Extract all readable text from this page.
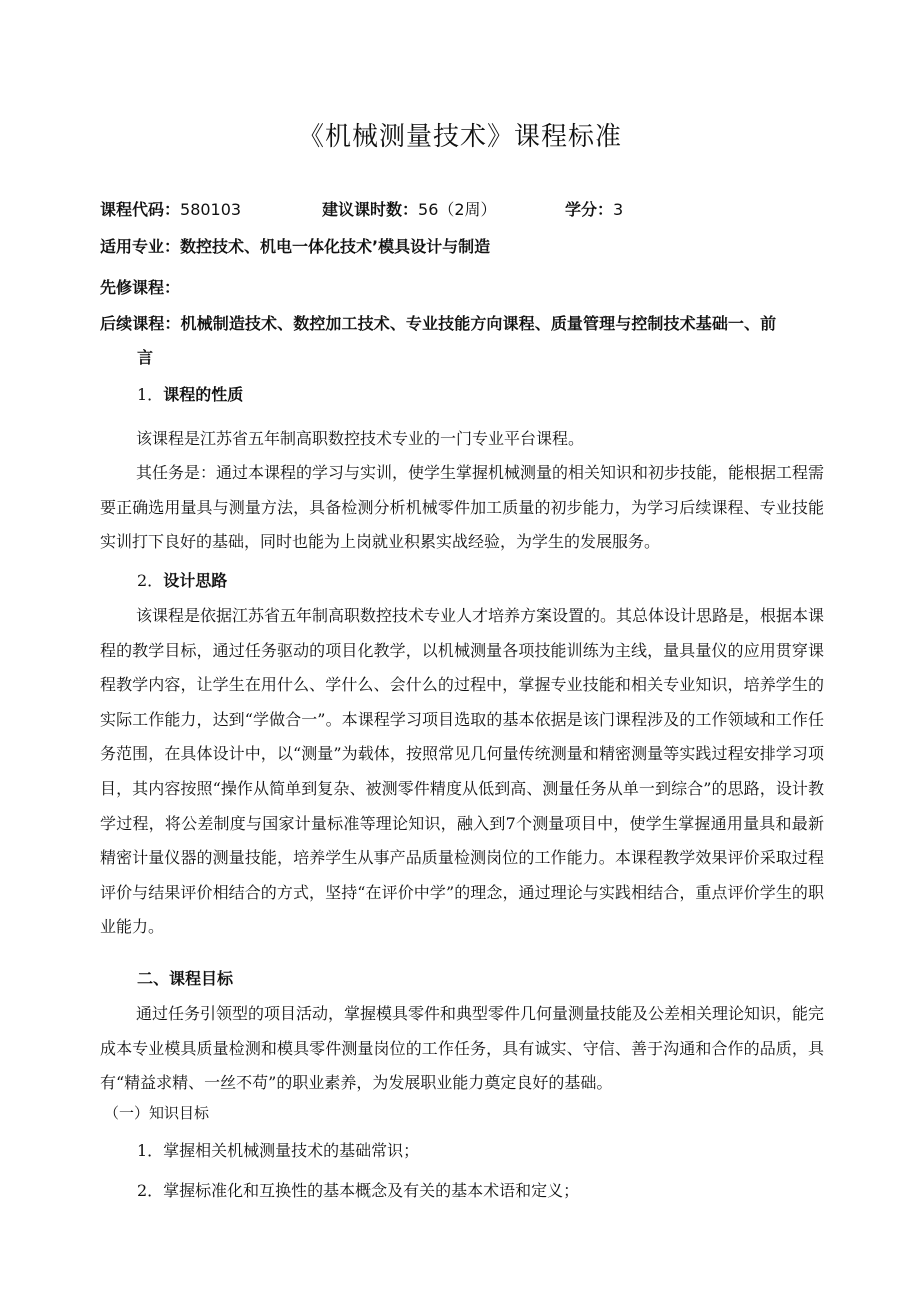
《机械测量技术》课程标准
课程代码：580103	建议课时数：56（2周）	学分：3
适用专业：数控技术、机电一体化技术’模具设计与制造
先修课程：
后续课程：机械制造技术、数控加工技术、专业技能方向课程、质量管理与控制技术基础一、前
言
1．课程的性质

该课程是江苏省五年制高职数控技术专业的一门专业平台课程。

其任务是：通过本课程的学习与实训，使学生掌握机械测量的相关知识和初步技能，能根据工程需要正确选用量具与测量方法，具备检测分析机械零件加工质量的初步能力，为学习后续课程、专业技能实训打下良好的基础，同时也能为上岗就业积累实战经验，为学生的发展服务。

2．设计思路

该课程是依据江苏省五年制高职数控技术专业人才培养方案设置的。其总体设计思路是，根据本课程的教学目标，通过任务驱动的项目化教学，以机械测量各项技能训练为主线，量具量仪的应用贯穿课程教学内容，让学生在用什么、学什么、会什么的过程中，掌握专业技能和相关专业知识，培养学生的实际工作能力，达到“学做合一”。本课程学习项目选取的基本依据是该门课程涉及的工作领域和工作任务范围，在具体设计中，以“测量”为载体，按照常见几何量传统测量和精密测量等实践过程安排学习项目，其内容按照“操作从简单到复杂、被测零件精度从低到高、测量任务从单一到综合”的思路，设计教学过程，将公差制度与国家计量标准等理论知识，融入到7个测量项目中，使学生掌握通用量具和最新精密计量仪器的测量技能，培养学生从事产品质量检测岗位的工作能力。本课程教学效果评价采取过程评价与结果评价相结合的方式，坚持“在评价中学”的理念，通过理论与实践相结合，重点评价学生的职业能力。

二、课程目标

通过任务引领型的项目活动，掌握模具零件和典型零件几何量测量技能及公差相关理论知识，能完成本专业模具质量检测和模具零件测量岗位的工作任务，具有诚实、守信、善于沟通和合作的品质，具有“精益求精、一丝不苟”的职业素养，为发展职业能力奠定良好的基础。

（一）知识目标
1．掌握相关机械测量技术的基础常识；
2．掌握标准化和互换性的基本概念及有关的基本术语和定义；
